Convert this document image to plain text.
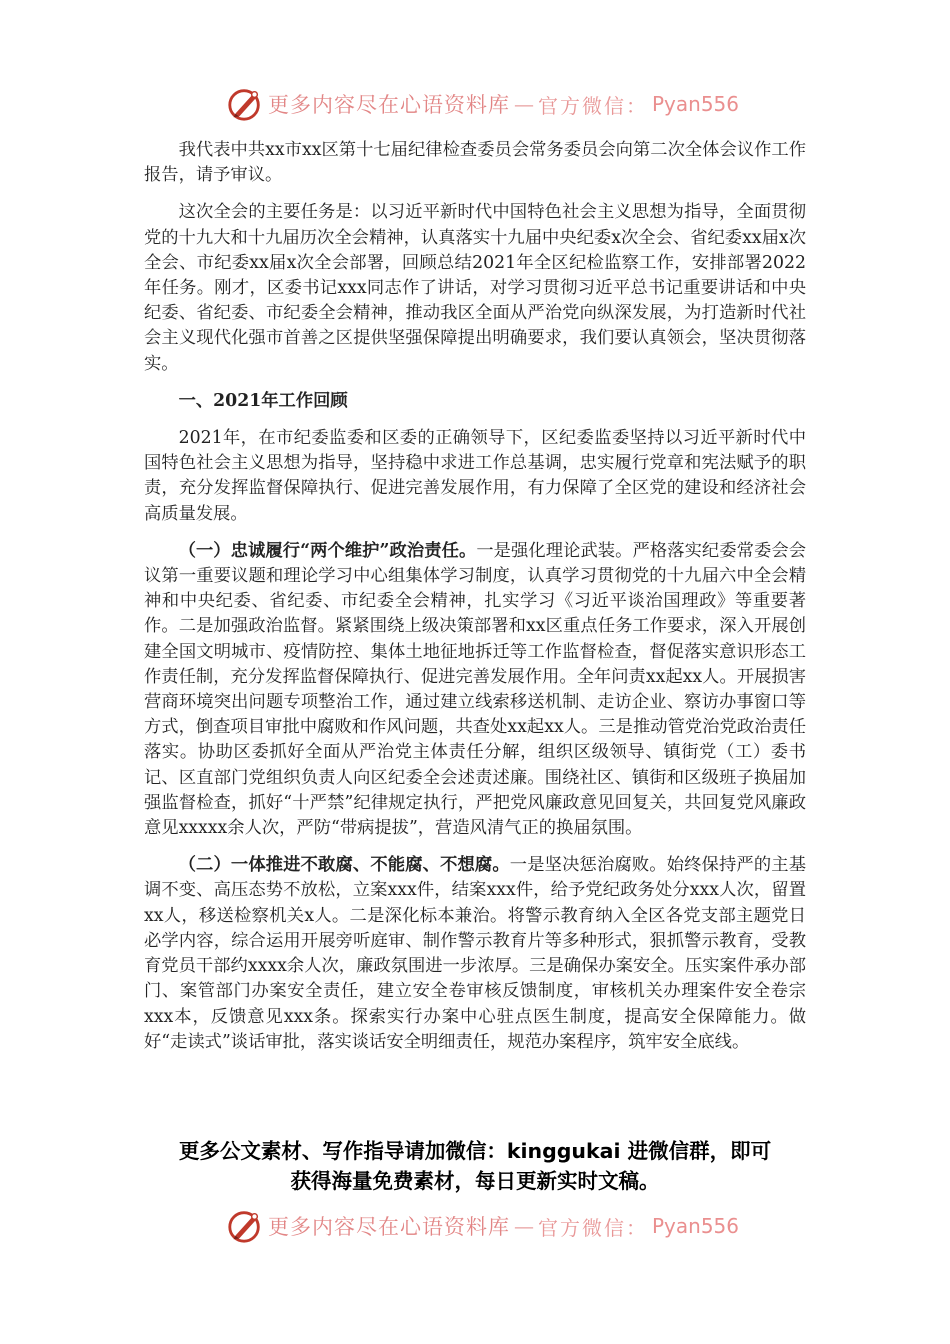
更多内容尽在心语资料库 — 官方微信： Pyan556

我代表中共xx市xx区第十七届纪律检查委员会常务委员会向第二次全体会议作工作报告，请予审议。

这次全会的主要任务是：以习近平新时代中国特色社会主义思想为指导，全面贯彻党的十九大和十九届历次全会精神，认真落实十九届中央纪委x次全会、省纪委xx届x次全会、市纪委xx届x次全会部署，回顾总结2021年全区纪检监察工作，安排部署2022年任务。刚才，区委书记xxx同志作了讲话，对学习贯彻习近平总书记重要讲话和中央纪委、省纪委、市纪委全会精神，推动我区全面从严治党向纵深发展，为打造新时代社会主义现代化强市首善之区提供坚强保障提出明确要求，我们要认真领会，坚决贯彻落实。

一、2021年工作回顾

2021年，在市纪委监委和区委的正确领导下，区纪委监委坚持以习近平新时代中国特色社会主义思想为指导，坚持稳中求进工作总基调，忠实履行党章和宪法赋予的职责，充分发挥监督保障执行、促进完善发展作用，有力保障了全区党的建设和经济社会高质量发展。

（一）忠诚履行“两个维护”政治责任。一是强化理论武装。严格落实纪委常委会会议第一重要议题和理论学习中心组集体学习制度，认真学习贯彻党的十九届六中全会精神和中央纪委、省纪委、市纪委全会精神，扎实学习《习近平谈治国理政》等重要著作。二是加强政治监督。紧紧围绕上级决策部署和xx区重点任务工作要求，深入开展创建全国文明城市、疫情防控、集体土地征地拆迁等工作监督检查，督促落实意识形态工作责任制，充分发挥监督保障执行、促进完善发展作用。全年问责xx起xx人。开展损害营商环境突出问题专项整治工作，通过建立线索移送机制、走访企业、察访办事窗口等方式，倒查项目审批中腐败和作风问题，共查处xx起xx人。三是推动管党治党政治责任落实。协助区委抓好全面从严治党主体责任分解，组织区级领导、镇街党（工）委书记、区直部门党组织负责人向区纪委全会述责述廉。围绕社区、镇街和区级班子换届加强监督检查，抓好“十严禁”纪律规定执行，严把党风廉政意见回复关，共回复党风廉政意见xxxxx余人次，严防“带病提拔”，营造风清气正的换届氛围。

（二）一体推进不敢腐、不能腐、不想腐。一是坚决惩治腐败。始终保持严的主基调不变、高压态势不放松，立案xxx件，结案xxx件，给予党纪政务处分xxx人次，留置xx人，移送检察机关x人。二是深化标本兼治。将警示教育纳入全区各党支部主题党日必学内容，综合运用开展旁听庭审、制作警示教育片等多种形式，狠抓警示教育，受教育党员干部约xxxx余人次，廉政氛围进一步浓厚。三是确保办案安全。压实案件承办部门、案管部门办案安全责任，建立安全卷审核反馈制度，审核机关办理案件安全卷宗xxx本，反馈意见xxx条。探索实行办案中心驻点医生制度，提高安全保障能力。做好“走读式”谈话审批，落实谈话安全明细责任，规范办案程序，筑牢安全底线。

更多公文素材、写作指导请加微信：kinggukai 进微信群，即可
获得海量免费素材，每日更新实时文稿。
更多内容尽在心语资料库 — 官方微信： Pyan556
